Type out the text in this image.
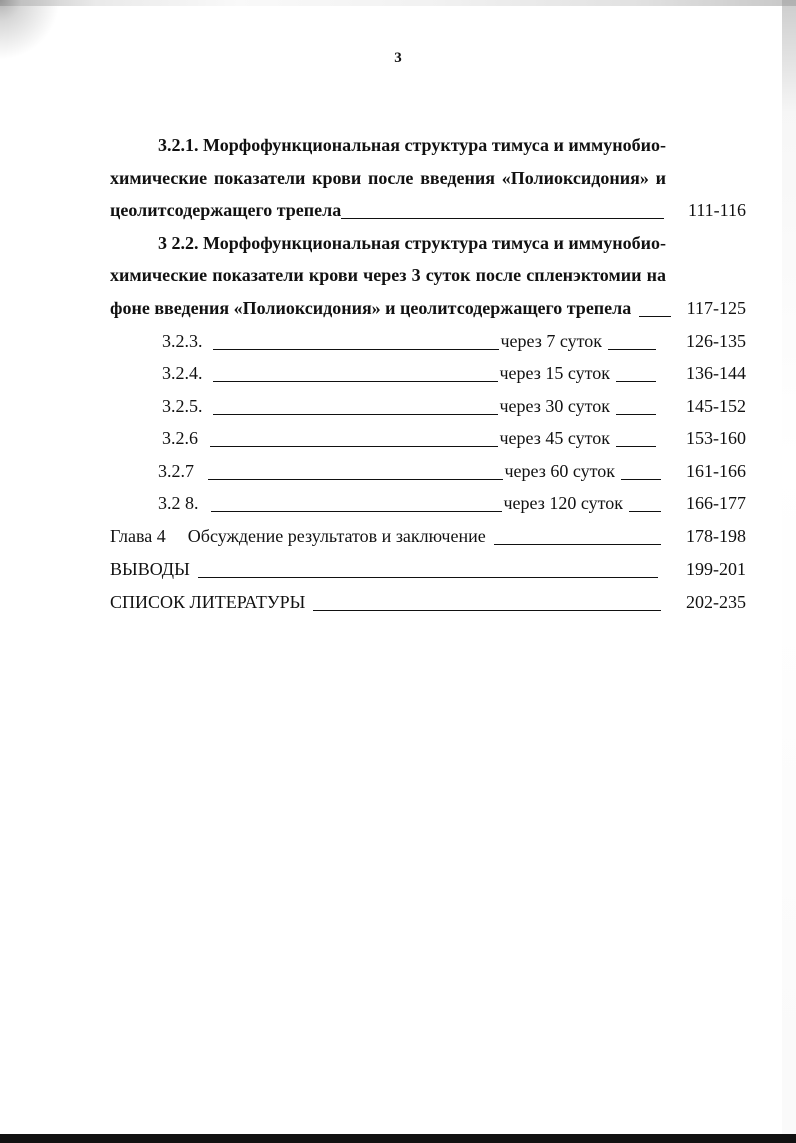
3
3.2.1. Морфофункциональная структура тимуса и иммунобио-
химические показатели крови после введения «Полиоксидония» и
цеолитсодержащего трепела	111-116
3 2.2. Морфофункциональная структура тимуса и иммунобио-
химические показатели крови через 3 суток после спленэктомии на
фоне введения «Полиоксидония» и цеолитсодержащего трепела	117-125
3.2.3.	через 7 суток	126-135
3.2.4.	через 15 суток	136-144
3.2.5.	через 30 суток	145-152
3.2.6	через 45 суток	153-160
3.2.7	через 60 суток	161-166
3.2 8.	через 120 суток	166-177
Глава 4 Обсуждение результатов и заключение	178-198
ВЫВОДЫ	199-201
СПИСОК ЛИТЕРАТУРЫ	202-235
